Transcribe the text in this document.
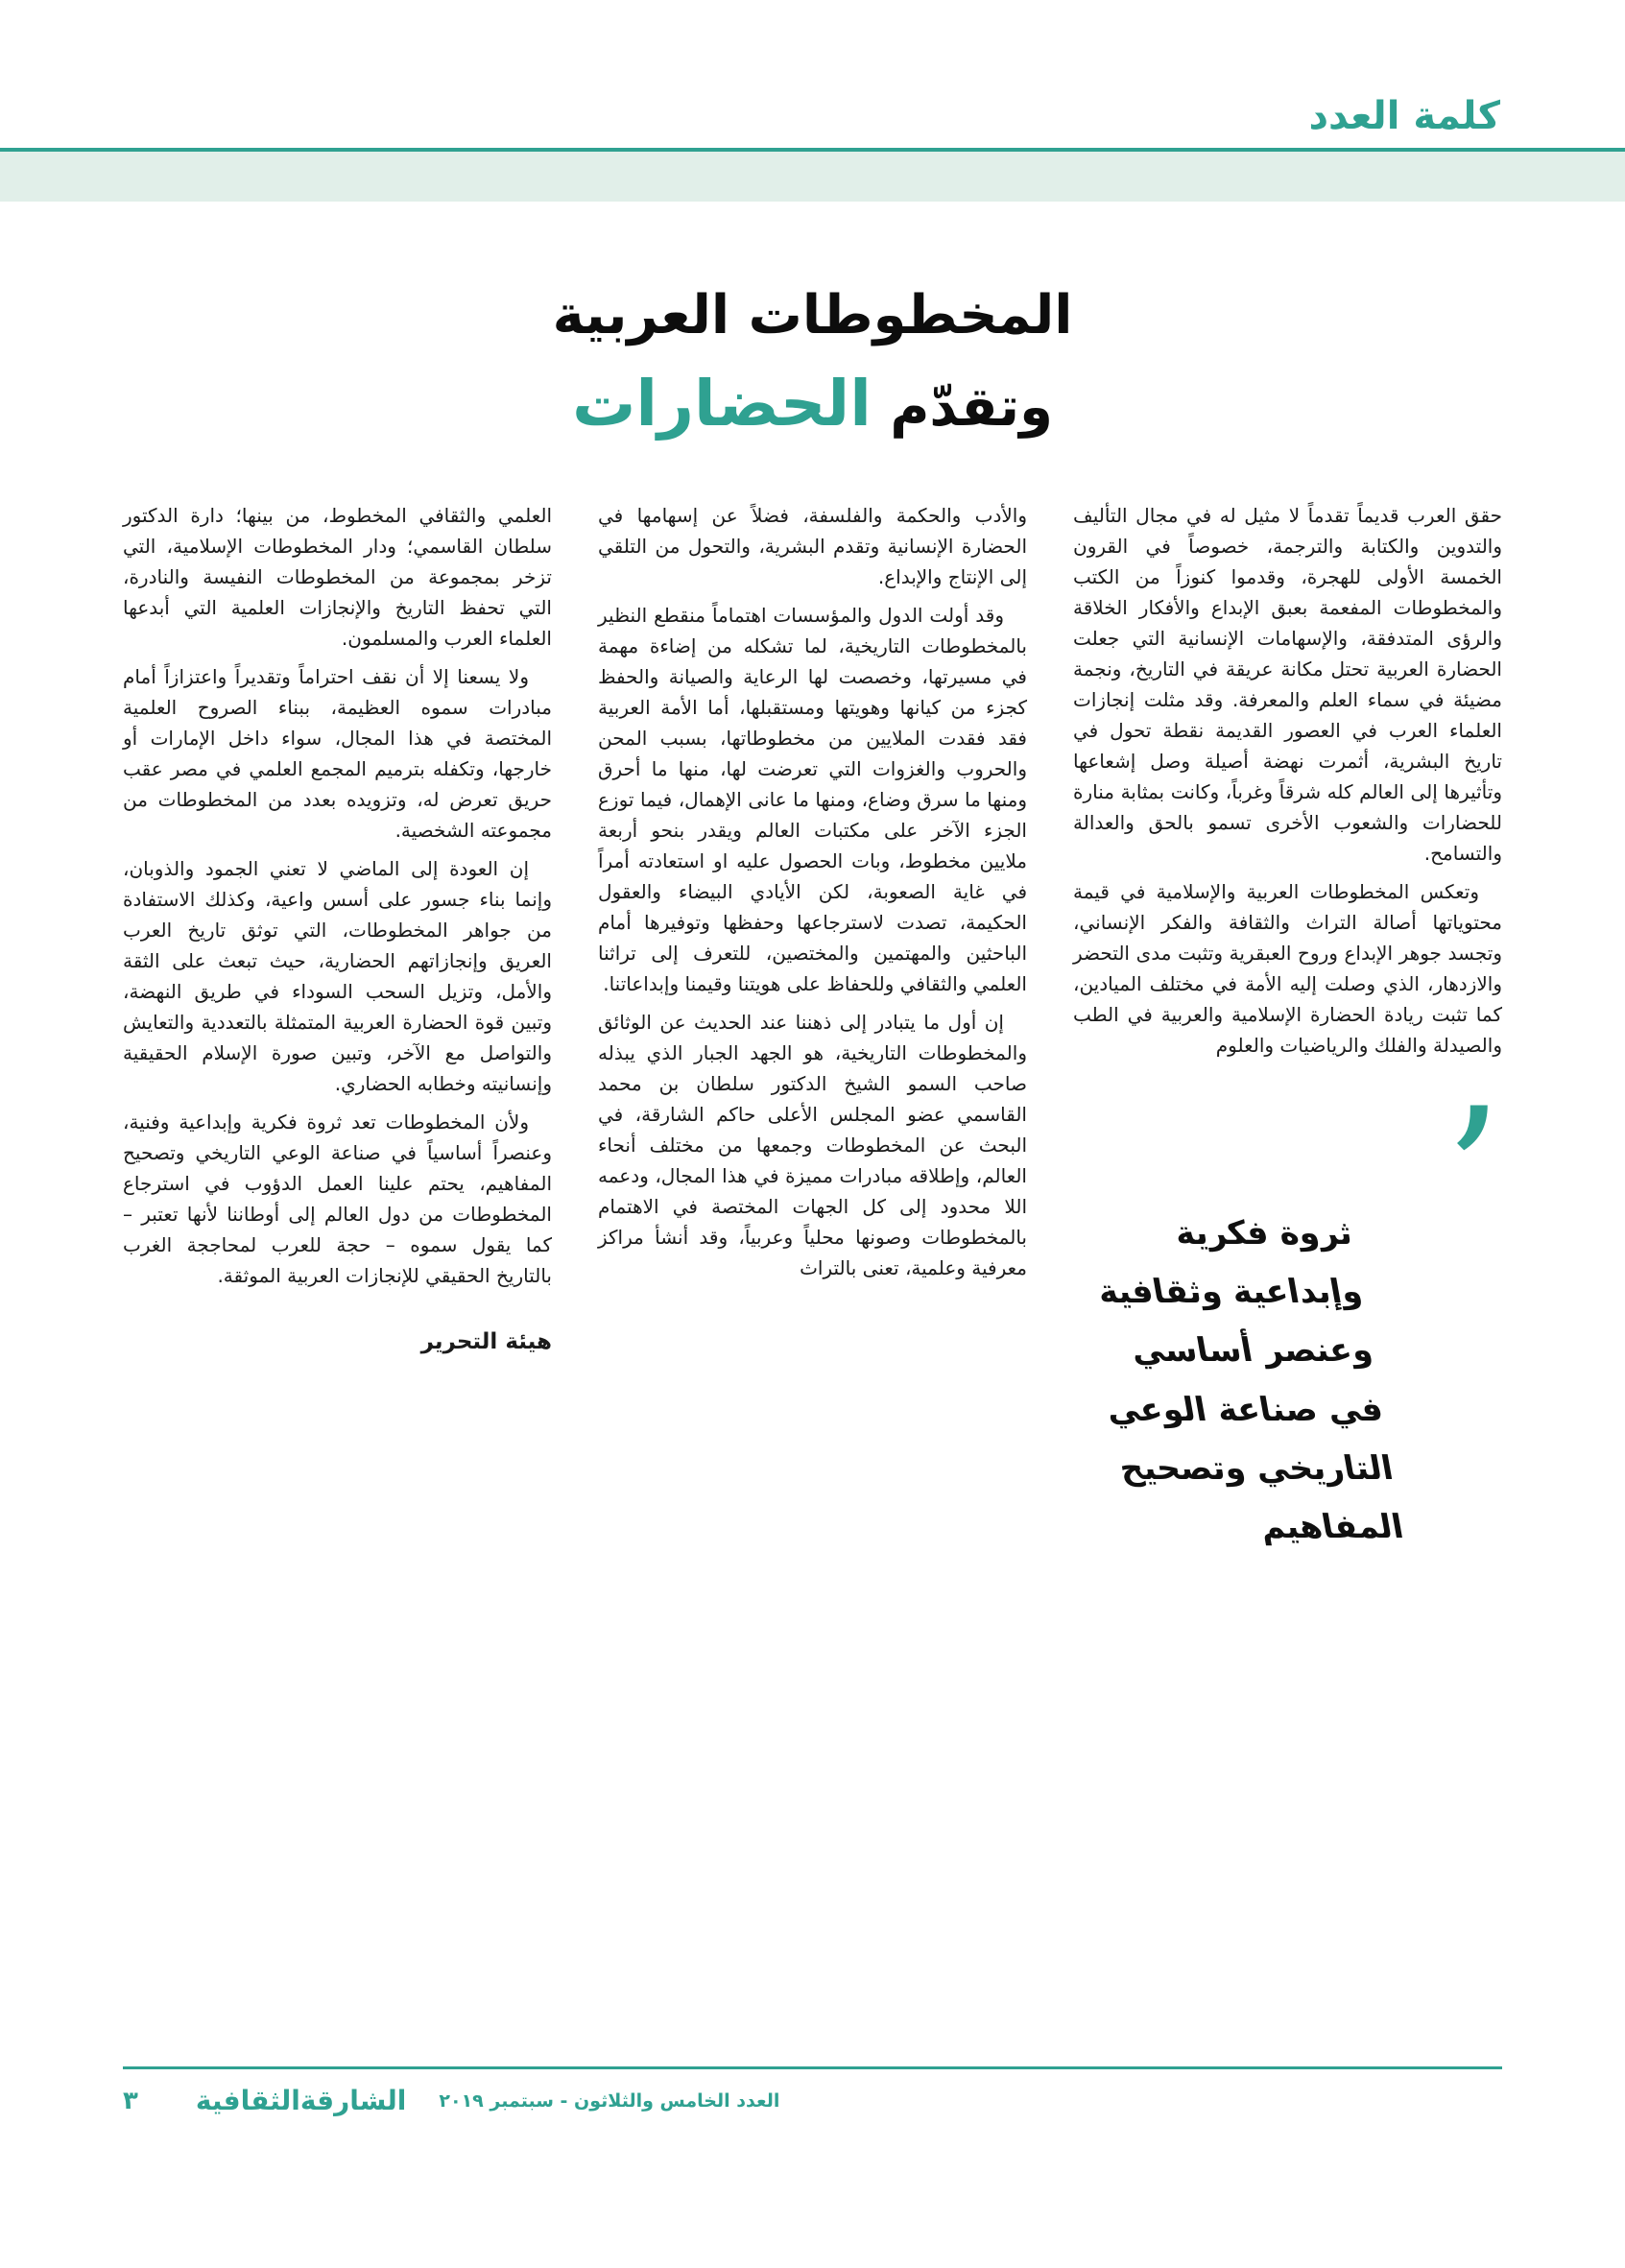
كلمة العدد
المخطوطات العربية
وتقدّم الحضارات

حقق العرب قديماً تقدماً لا مثيل له في مجال التأليف والتدوين والكتابة والترجمة، خصوصاً في القرون الخمسة الأولى للهجرة، وقدموا كنوزاً من الكتب والمخطوطات المفعمة بعبق الإبداع والأفكار الخلاقة والرؤى المتدفقة، والإسهامات الإنسانية التي جعلت الحضارة العربية تحتل مكانة عريقة في التاريخ، ونجمة مضيئة في سماء العلم والمعرفة. وقد مثلت إنجازات العلماء العرب في العصور القديمة نقطة تحول في تاريخ البشرية، أثمرت نهضة أصيلة وصل إشعاعها وتأثيرها إلى العالم كله شرقاً وغرباً، وكانت بمثابة منارة للحضارات والشعوب الأخرى تسمو بالحق والعدالة والتسامح.

وتعكس المخطوطات العربية والإسلامية في قيمة محتوياتها أصالة التراث والثقافة والفكر الإنساني، وتجسد جوهر الإبداع وروح العبقرية وتثبت مدى التحضر والازدهار، الذي وصلت إليه الأمة في مختلف الميادين، كما تثبت ريادة الحضارة الإسلامية والعربية في الطب والصيدلة والفلك والرياضيات والعلوم

’
ثروة فكرية وإبداعية وثقافية وعنصر أساسي في صناعة الوعي التاريخي وتصحيح المفاهيم

والأدب والحكمة والفلسفة، فضلاً عن إسهامها في الحضارة الإنسانية وتقدم البشرية، والتحول من التلقي إلى الإنتاج والإبداع.

وقد أولت الدول والمؤسسات اهتماماً منقطع النظير بالمخطوطات التاريخية، لما تشكله من إضاءة مهمة في مسيرتها، وخصصت لها الرعاية والصيانة والحفظ كجزء من كيانها وهويتها ومستقبلها، أما الأمة العربية فقد فقدت الملايين من مخطوطاتها، بسبب المحن والحروب والغزوات التي تعرضت لها، منها ما أحرق ومنها ما سرق وضاع، ومنها ما عانى الإهمال، فيما توزع الجزء الآخر على مكتبات العالم ويقدر بنحو أربعة ملايين مخطوط، وبات الحصول عليه او استعادته أمراً في غاية الصعوبة، لكن الأيادي البيضاء والعقول الحكيمة، تصدت لاسترجاعها وحفظها وتوفيرها أمام الباحثين والمهتمين والمختصين، للتعرف إلى تراثنا العلمي والثقافي وللحفاظ على هويتنا وقيمنا وإبداعاتنا.

إن أول ما يتبادر إلى ذهننا عند الحديث عن الوثائق والمخطوطات التاريخية، هو الجهد الجبار الذي يبذله صاحب السمو الشيخ الدكتور سلطان بن محمد القاسمي عضو المجلس الأعلى حاكم الشارقة، في البحث عن المخطوطات وجمعها من مختلف أنحاء العالم، وإطلاقه مبادرات مميزة في هذا المجال، ودعمه اللا محدود إلى كل الجهات المختصة في الاهتمام بالمخطوطات وصونها محلياً وعربياً، وقد أنشأ مراكز معرفية وعلمية، تعنى بالتراث

العلمي والثقافي المخطوط، من بينها؛ دارة الدكتور سلطان القاسمي؛ ودار المخطوطات الإسلامية، التي تزخر بمجموعة من المخطوطات النفيسة والنادرة، التي تحفظ التاريخ والإنجازات العلمية التي أبدعها العلماء العرب والمسلمون.

ولا يسعنا إلا أن نقف احتراماً وتقديراً واعتزازاً أمام مبادرات سموه العظيمة، ببناء الصروح العلمية المختصة في هذا المجال، سواء داخل الإمارات أو خارجها، وتكفله بترميم المجمع العلمي في مصر عقب حريق تعرض له، وتزويده بعدد من المخطوطات من مجموعته الشخصية.

إن العودة إلى الماضي لا تعني الجمود والذوبان، وإنما بناء جسور على أسس واعية، وكذلك الاستفادة من جواهر المخطوطات، التي توثق تاريخ العرب العريق وإنجازاتهم الحضارية، حيث تبعث على الثقة والأمل، وتزيل السحب السوداء في طريق النهضة، وتبين قوة الحضارة العربية المتمثلة بالتعددية والتعايش والتواصل مع الآخر، وتبين صورة الإسلام الحقيقية وإنسانيته وخطابه الحضاري.

ولأن المخطوطات تعد ثروة فكرية وإبداعية وفنية، وعنصراً أساسياً في صناعة الوعي التاريخي وتصحيح المفاهيم، يحتم علينا العمل الدؤوب في استرجاع المخطوطات من دول العالم إلى أوطاننا لأنها تعتبر – كما يقول سموه – حجة للعرب لمحاججة الغرب بالتاريخ الحقيقي للإنجازات العربية الموثقة.

هيئة التحرير
العدد الخامس والثلاثون - سبتمبر ٢٠١٩
الشارقةالثقافية
٣
